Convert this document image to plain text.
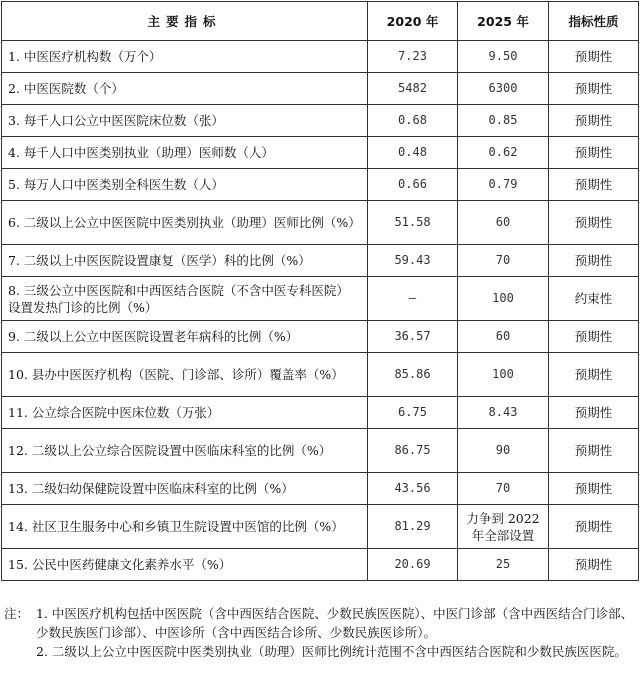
主要指标	2020 年	2025 年	指标性质
1. 中医医疗机构数（万个）	7.23	9.50	预期性
2. 中医医院数（个）	5482	6300	预期性
3. 每千人口公立中医医院床位数（张）	0.68	0.85	预期性
4. 每千人口中医类别执业（助理）医师数（人）	0.48	0.62	预期性
5. 每万人口中医类别全科医生数（人）	0.66	0.79	预期性
6. 二级以上公立中医医院中医类别执业（助理）医师比例（%）	51.58	60	预期性
7. 二级以上中医医院设置康复（医学）科的比例（%）	59.43	70	预期性
8. 三级公立中医医院和中西医结合医院（不含中医专科医院）设置发热门诊的比例（%）	—	100	约束性
9. 二级以上公立中医医院设置老年病科的比例（%）	36.57	60	预期性
10. 县办中医医疗机构（医院、门诊部、诊所）覆盖率（%）	85.86	100	预期性
11. 公立综合医院中医床位数（万张）	6.75	8.43	预期性
12. 二级以上公立综合医院设置中医临床科室的比例（%）	86.75	90	预期性
13. 二级妇幼保健院设置中医临床科室的比例（%）	43.56	70	预期性
14. 社区卫生服务中心和乡镇卫生院设置中医馆的比例（%）	81.29	力争到 2022 年全部设置	预期性
15. 公民中医药健康文化素养水平（%）	20.69	25	预期性
注： 1. 中医医疗机构包括中医医院（含中西医结合医院、少数民族医医院）、中医门诊部（含中西医结合门诊部、少数民族医门诊部）、中医诊所（含中西医结合诊所、少数民族医诊所）。
2. 二级以上公立中医医院中医类别执业（助理）医师比例统计范围不含中西医结合医院和少数民族医医院。
